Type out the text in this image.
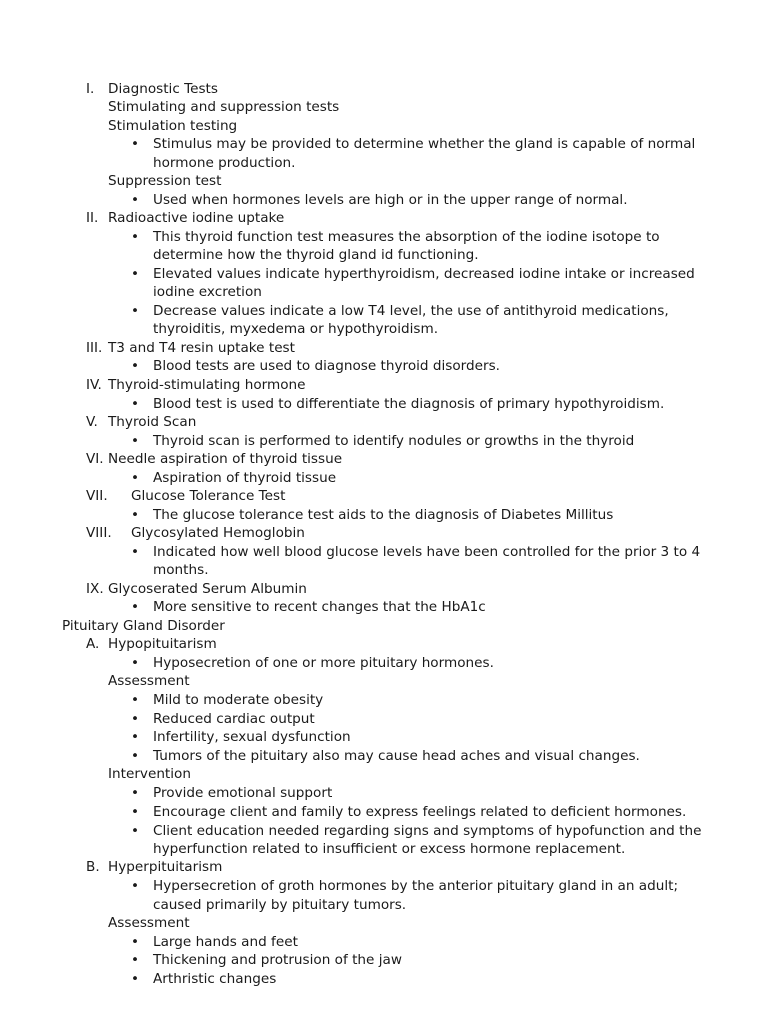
I. Diagnostic Tests
Stimulating and suppression tests
Stimulation testing
• Stimulus may be provided to determine whether the gland is capable of normal hormone production.
Suppression test
• Used when hormones levels are high or in the upper range of normal.
II. Radioactive iodine uptake
• This thyroid function test measures the absorption of the iodine isotope to determine how the thyroid gland id functioning.
• Elevated values indicate hyperthyroidism, decreased iodine intake or increased iodine excretion
• Decrease values indicate a low T4 level, the use of antithyroid medications, thyroiditis, myxedema or hypothyroidism.
III. T3 and T4 resin uptake test
• Blood tests are used to diagnose thyroid disorders.
IV. Thyroid-stimulating hormone
• Blood test is used to differentiate the diagnosis of primary hypothyroidism.
V. Thyroid Scan
• Thyroid scan is performed to identify nodules or growths in the thyroid
VI. Needle aspiration of thyroid tissue
• Aspiration of thyroid tissue
VII. Glucose Tolerance Test
• The glucose tolerance test aids to the diagnosis of Diabetes Millitus
VIII. Glycosylated Hemoglobin
• Indicated how well blood glucose levels have been controlled for the prior 3 to 4 months.
IX. Glycoserated Serum Albumin
• More sensitive to recent changes that the HbA1c
Pituitary Gland Disorder
A. Hypopituitarism
• Hyposecretion of one or more pituitary hormones.
Assessment
• Mild to moderate obesity
• Reduced cardiac output
• Infertility, sexual dysfunction
• Tumors of the pituitary also may cause head aches and visual changes.
Intervention
• Provide emotional support
• Encourage client and family to express feelings related to deficient hormones.
• Client education needed regarding signs and symptoms of hypofunction and the hyperfunction related to insufficient or excess hormone replacement.
B. Hyperpituitarism
• Hypersecretion of groth hormones by the anterior pituitary gland in an adult; caused primarily by pituitary tumors.
Assessment
• Large hands and feet
• Thickening and protrusion of the jaw
• Arthristic changes
